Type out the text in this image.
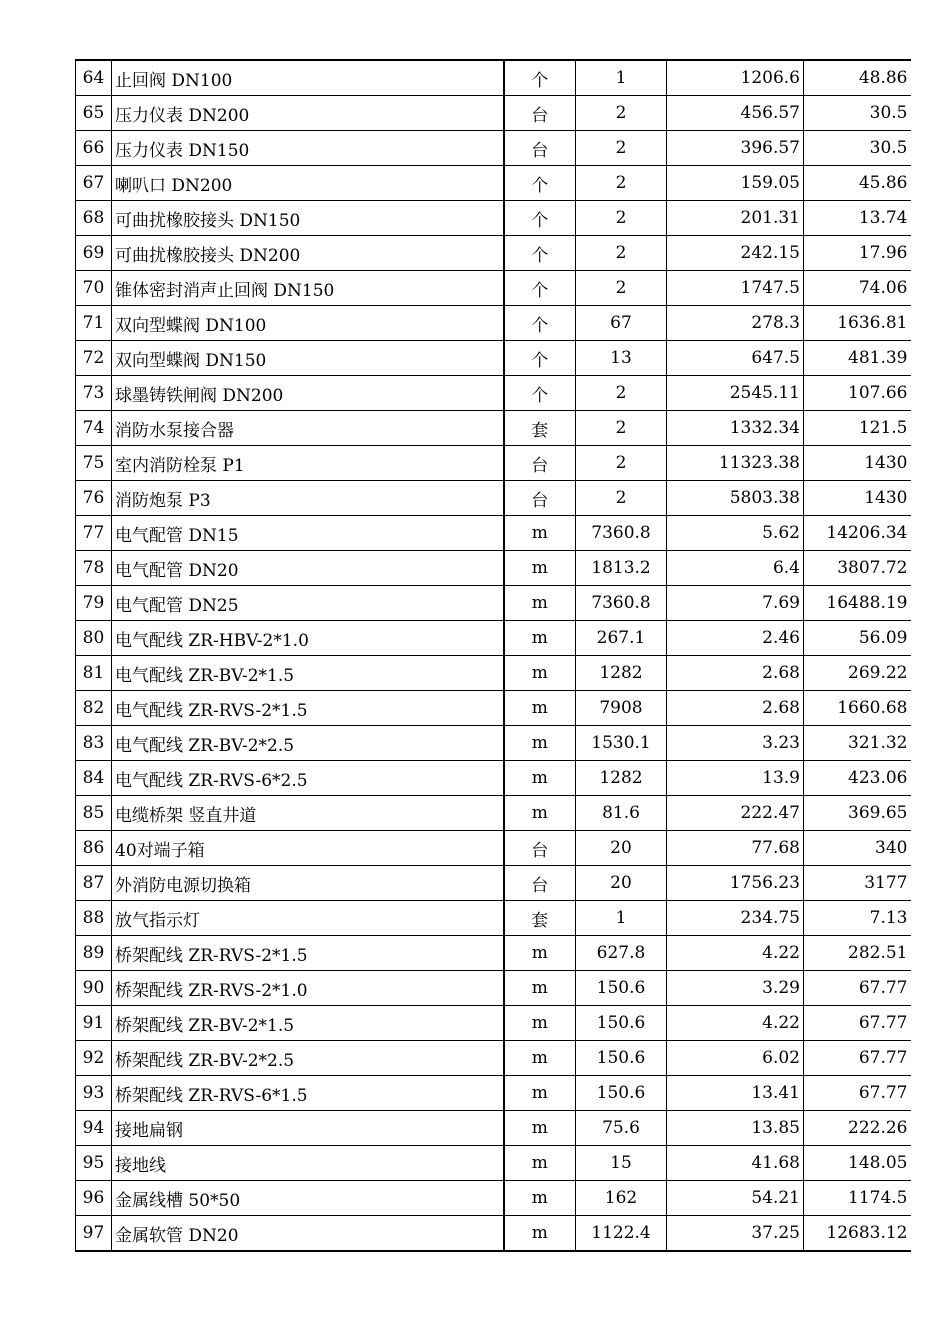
64	止回阀 DN100	个	1	1206.6	48.86
65	压力仪表 DN200	台	2	456.57	30.5
66	压力仪表 DN150	台	2	396.57	30.5
67	喇叭口 DN200	个	2	159.05	45.86
68	可曲扰橡胶接头 DN150	个	2	201.31	13.74
69	可曲扰橡胶接头 DN200	个	2	242.15	17.96
70	锥体密封消声止回阀 DN150	个	2	1747.5	74.06
71	双向型蝶阀 DN100	个	67	278.3	1636.81
72	双向型蝶阀 DN150	个	13	647.5	481.39
73	球墨铸铁闸阀 DN200	个	2	2545.11	107.66
74	消防水泵接合器	套	2	1332.34	121.5
75	室内消防栓泵 P1	台	2	11323.38	1430
76	消防炮泵 P3	台	2	5803.38	1430
77	电气配管 DN15	m	7360.8	5.62	14206.34
78	电气配管 DN20	m	1813.2	6.4	3807.72
79	电气配管 DN25	m	7360.8	7.69	16488.19
80	电气配线 ZR-HBV-2*1.0	m	267.1	2.46	56.09
81	电气配线 ZR-BV-2*1.5	m	1282	2.68	269.22
82	电气配线 ZR-RVS-2*1.5	m	7908	2.68	1660.68
83	电气配线 ZR-BV-2*2.5	m	1530.1	3.23	321.32
84	电气配线 ZR-RVS-6*2.5	m	1282	13.9	423.06
85	电缆桥架 竖直井道	m	81.6	222.47	369.65
86	40对端子箱	台	20	77.68	340
87	外消防电源切换箱	台	20	1756.23	3177
88	放气指示灯	套	1	234.75	7.13
89	桥架配线 ZR-RVS-2*1.5	m	627.8	4.22	282.51
90	桥架配线 ZR-RVS-2*1.0	m	150.6	3.29	67.77
91	桥架配线 ZR-BV-2*1.5	m	150.6	4.22	67.77
92	桥架配线 ZR-BV-2*2.5	m	150.6	6.02	67.77
93	桥架配线 ZR-RVS-6*1.5	m	150.6	13.41	67.77
94	接地扁钢	m	75.6	13.85	222.26
95	接地线	m	15	41.68	148.05
96	金属线槽 50*50	m	162	54.21	1174.5
97	金属软管 DN20	m	1122.4	37.25	12683.12
